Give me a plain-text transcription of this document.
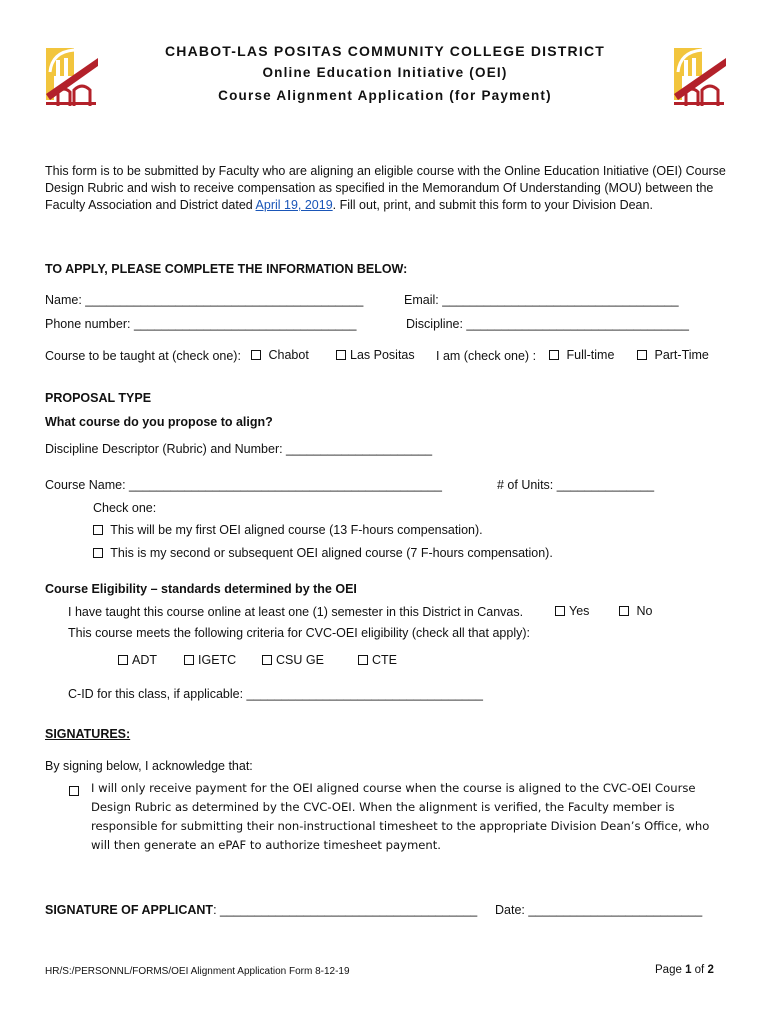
CHABOT-LAS POSITAS COMMUNITY COLLEGE DISTRICT
Online Education Initiative (OEI)
Course Alignment Application (for Payment)
This form is to be submitted by Faculty who are aligning an eligible course with the Online Education Initiative (OEI) Course Design Rubric and wish to receive compensation as specified in the Memorandum Of Understanding (MOU) between the Faculty Association and District dated April 19, 2019. Fill out, print, and submit this form to your Division Dean.
TO APPLY, PLEASE COMPLETE THE INFORMATION BELOW:
Name: ________________________________________	Email: __________________________________
Phone number: ________________________________	Discipline: ________________________________
Course to be taught at (check one):	Chabot	Las Positas I am (check one) :	Full-time	Part-Time
PROPOSAL TYPE
What course do you propose to align?
Discipline Descriptor (Rubric) and Number: _____________________
Course Name: _____________________________________________	# of Units: ______________
Check one:
This will be my first OEI aligned course (13 F-hours compensation).
This is my second or subsequent OEI aligned course (7 F-hours compensation).
Course Eligibility – standards determined by the OEI
I have taught this course online at least one (1) semester in this District in Canvas.	Yes	No
This course meets the following criteria for CVC-OEI eligibility (check all that apply):
ADT	IGETC	CSU GE	CTE
C-ID for this class, if applicable: __________________________________
SIGNATURES:
By signing below, I acknowledge that:
I will only receive payment for the OEI aligned course when the course is aligned to the CVC-OEI Course Design Rubric as determined by the CVC-OEI. When the alignment is verified, the Faculty member is responsible for submitting their non-instructional timesheet to the appropriate Division Dean’s Office, who will then generate an ePAF to authorize timesheet payment.
SIGNATURE OF APPLICANT: _____________________________________ Date: _________________________
HR/S:/PERSONNL/FORMS/OEI Alignment Application Form 8-12-19	Page 1 of 2
